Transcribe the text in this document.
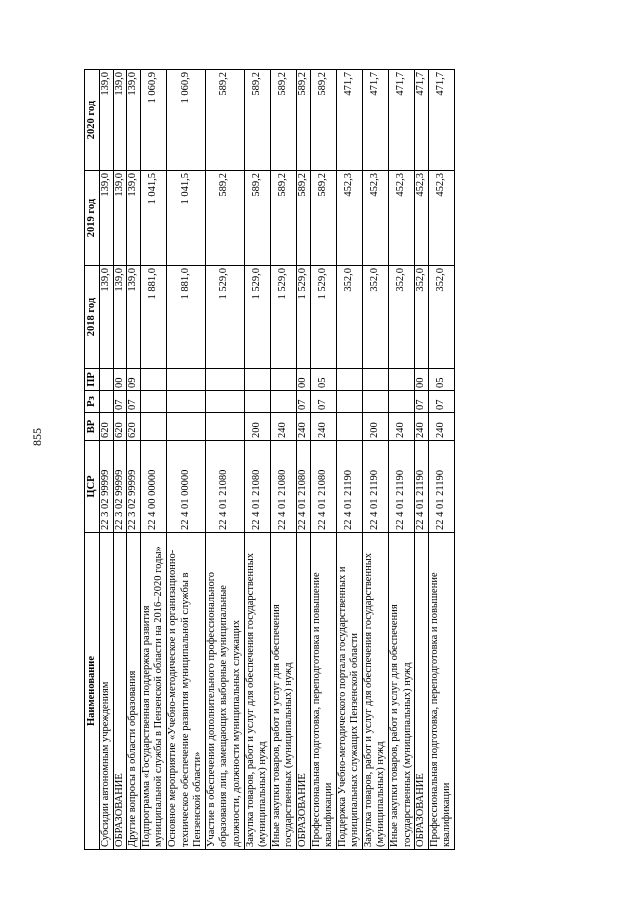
855
Наименование	ЦСР	ВР	Рз	ПР	2018 год	2019 год	2020 год
Субсидии автономным учреждениям	22 3 02 99999	620			139,0	139,0	139,0
ОБРАЗОВАНИЕ	22 3 02 99999	620	07	00	139,0	139,0	139,0
Другие вопросы в области образования	22 3 02 99999	620	07	09	139,0	139,0	139,0
Подпрограмма «Государственная поддержка развития муниципальной службы в Пензенской области на 2016–2020 годы»	22 4 00 00000				1 881,0	1 041,5	1 060,9
Основное мероприятие «Учебно-методическое и организационно-техническое обеспечение развития муниципальной службы в Пензенской области»	22 4 01 00000				1 881,0	1 041,5	1 060,9
Участие в обеспечении дополнительного профессионального образования лиц, замещающих выборные муниципальные должности, должности муниципальных служащих	22 4 01 21080				1 529,0	589,2	589,2
Закупка товаров, работ и услуг для обеспечения государственных (муниципальных) нужд	22 4 01 21080	200			1 529,0	589,2	589,2
Иные закупки товаров, работ и услуг для обеспечения государственных (муниципальных) нужд	22 4 01 21080	240			1 529,0	589,2	589,2
ОБРАЗОВАНИЕ	22 4 01 21080	240	07	00	1 529,0	589,2	589,2
Профессиональная подготовка, переподготовка и повышение квалификации	22 4 01 21080	240	07	05	1 529,0	589,2	589,2
Поддержка Учебно-методического портала государственных и муниципальных служащих Пензенской области	22 4 01 21190				352,0	452,3	471,7
Закупка товаров, работ и услуг для обеспечения государственных (муниципальных) нужд	22 4 01 21190	200			352,0	452,3	471,7
Иные закупки товаров, работ и услуг для обеспечения государственных (муниципальных) нужд	22 4 01 21190	240			352,0	452,3	471,7
ОБРАЗОВАНИЕ	22 4 01 21190	240	07	00	352,0	452,3	471,7
Профессиональная подготовка, переподготовка и повышение квалификации	22 4 01 21190	240	07	05	352,0	452,3	471,7
